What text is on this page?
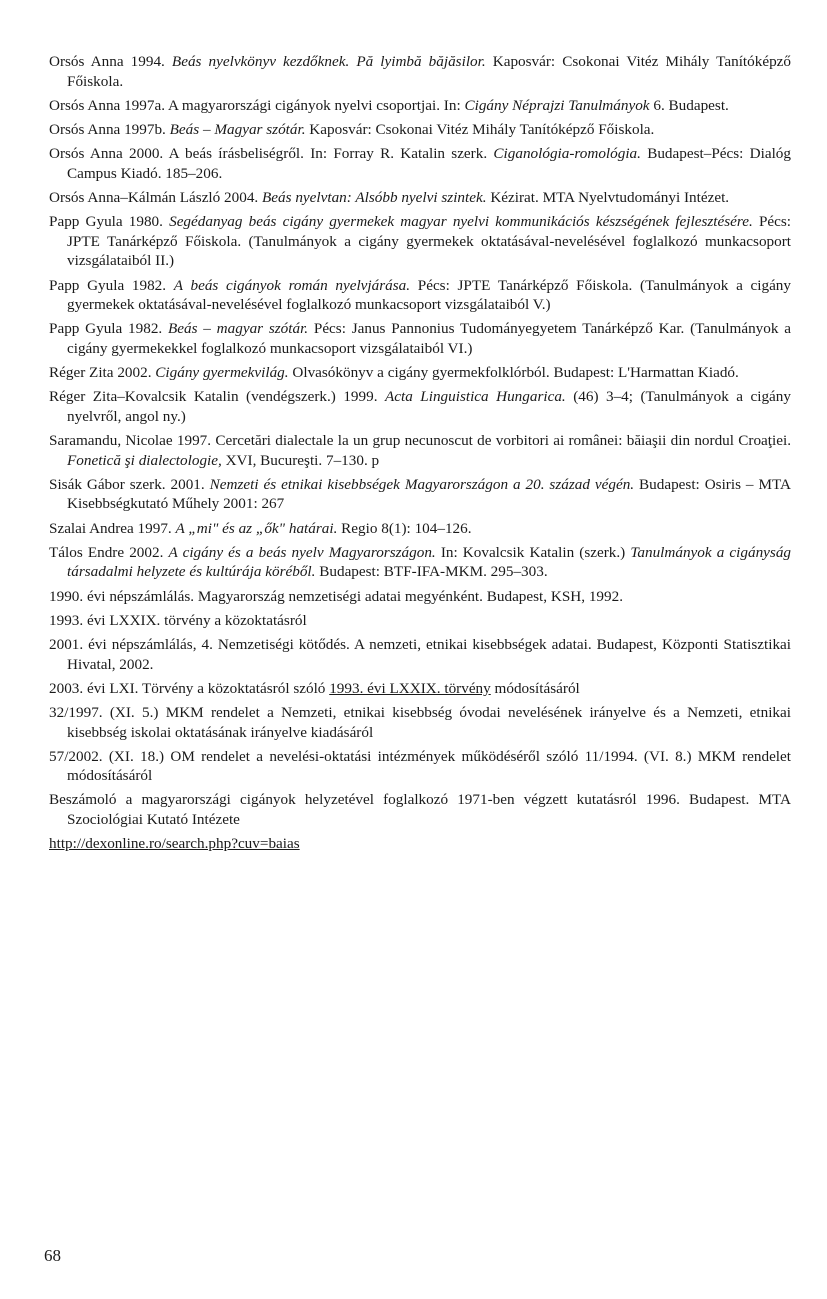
Orsós Anna 1994. Beás nyelvkönyv kezdőknek. Pă lyimbă băjăsilor. Kaposvár: Csokonai Vitéz Mihály Tanítóképző Főiskola.

Orsós Anna 1997a. A magyarországi cigányok nyelvi csoportjai. In: Cigány Néprajzi Tanulmányok 6. Budapest.

Orsós Anna 1997b. Beás – Magyar szótár. Kaposvár: Csokonai Vitéz Mihály Tanítóképző Főiskola.

Orsós Anna 2000. A beás írásbeliségről. In: Forray R. Katalin szerk. Ciganológia-romológia. Budapest–Pécs: Dialóg Campus Kiadó. 185–206.

Orsós Anna–Kálmán László 2004. Beás nyelvtan: Alsóbb nyelvi szintek. Kézirat. MTA Nyelvtudományi Intézet.

Papp Gyula 1980. Segédanyag beás cigány gyermekek magyar nyelvi kommunikációs készségének fejlesztésére. Pécs: JPTE Tanárképző Főiskola. (Tanulmányok a cigány gyermekek oktatásával-nevelésével foglalkozó munkacsoport vizsgálataiból II.)

Papp Gyula 1982. A beás cigányok román nyelvjárása. Pécs: JPTE Tanárképző Főiskola. (Tanulmányok a cigány gyermekek oktatásával-nevelésével foglalkozó munkacsoport vizsgálataiból V.)

Papp Gyula 1982. Beás – magyar szótár. Pécs: Janus Pannonius Tudományegyetem Tanárképző Kar. (Tanulmányok a cigány gyermekekkel foglalkozó munkacsoport vizsgálataiból VI.)

Réger Zita 2002. Cigány gyermekvilág. Olvasókönyv a cigány gyermekfolklórból. Budapest: L'Harmattan Kiadó.

Réger Zita–Kovalcsik Katalin (vendégszerk.) 1999. Acta Linguistica Hungarica. (46) 3–4; (Tanulmányok a cigány nyelvről, angol ny.)

Saramandu, Nicolae 1997. Cercetări dialectale la un grup necunoscut de vorbitori ai românei: băiaşii din nordul Croaţiei. Fonetică şi dialectologie, XVI, Bucureşti. 7–130. p

Sisák Gábor szerk. 2001. Nemzeti és etnikai kisebbségek Magyarországon a 20. század végén. Budapest: Osiris – MTA Kisebbségkutató Műhely 2001: 267

Szalai Andrea 1997. A „mi" és az „ők" határai. Regio 8(1): 104–126.

Tálos Endre 2002. A cigány és a beás nyelv Magyarországon. In: Kovalcsik Katalin (szerk.) Tanulmányok a cigányság társadalmi helyzete és kultúrája köréből. Budapest: BTF-IFA-MKM. 295–303.

1990. évi népszámlálás. Magyarország nemzetiségi adatai megyénként. Budapest, KSH, 1992.

1993. évi LXXIX. törvény a közoktatásról

2001. évi népszámlálás, 4. Nemzetiségi kötődés. A nemzeti, etnikai kisebbségek adatai. Budapest, Központi Statisztikai Hivatal, 2002.

2003. évi LXI. Törvény a közoktatásról szóló 1993. évi LXXIX. törvény módosításáról

32/1997. (XI. 5.) MKM rendelet a Nemzeti, etnikai kisebbség óvodai nevelésének irányelve és a Nemzeti, etnikai kisebbség iskolai oktatásának irányelve kiadásáról

57/2002. (XI. 18.) OM rendelet a nevelési-oktatási intézmények működéséről szóló 11/1994. (VI. 8.) MKM rendelet módosításáról

Beszámoló a magyarországi cigányok helyzetével foglalkozó 1971-ben végzett kutatásról 1996. Budapest. MTA Szociológiai Kutató Intézete

http://dexonline.ro/search.php?cuv=baias

68
